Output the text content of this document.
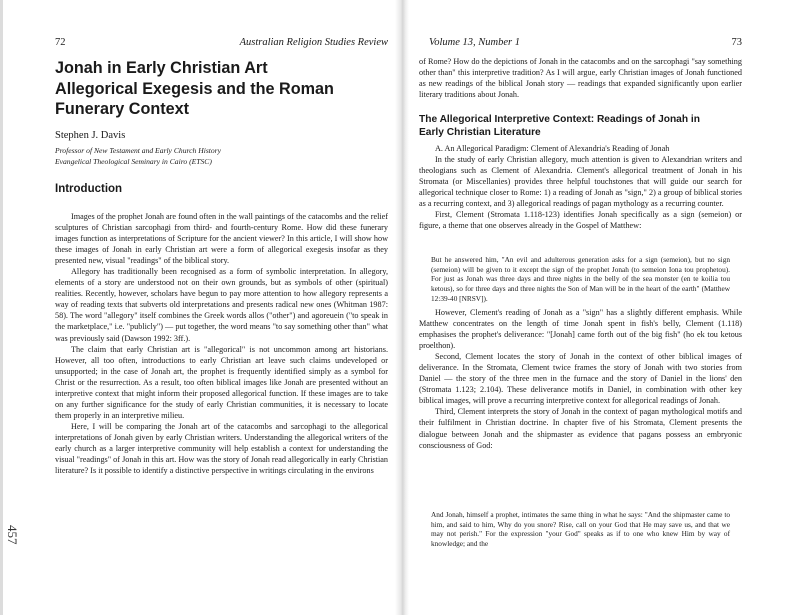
72	Australian Religion Studies Review
Jonah in Early Christian Art
Allegorical Exegesis and the Roman
Funerary Context
Stephen J. Davis
Professor of New Testament and Early Church History
Evangelical Theological Seminary in Cairo (ETSC)
Introduction

Images of the prophet Jonah are found often in the wall paintings of the catacombs and the relief sculptures of Christian sarcophagi from third- and fourth-century Rome. How did these funerary images function as interpretations of Scripture for the ancient viewer? In this article, I will show how these images of Jonah in early Christian art were a form of allegorical exegesis insofar as they presented new, visual "readings" of the biblical story.

Allegory has traditionally been recognised as a form of symbolic interpretation. In allegory, elements of a story are understood not on their own grounds, but as symbols of other (spiritual) realities. Recently, however, scholars have begun to pay more attention to how allegory represents a way of reading texts that subverts old interpretations and presents radical new ones (Whitman 1987: 58). The word "allegory" itself combines the Greek words allos ("other") and agoreuein ("to speak in the marketplace," i.e. "publicly") — put together, the word means "to say something other than" what was previously said (Dawson 1992: 3ff.).

The claim that early Christian art is "allegorical" is not uncommon among art historians. However, all too often, introductions to early Christian art leave such claims undeveloped or unsupported; in the case of Jonah art, the prophet is frequently identified simply as a symbol for Christ or the resurrection. As a result, too often biblical images like Jonah are presented without an interpretive context that might inform their proposed allegorical function. If these images are to take on any further significance for the study of early Christian communities, it is necessary to locate them properly in an interpretive milieu.

Here, I will be comparing the Jonah art of the catacombs and sarcophagi to the allegorical interpretations of Jonah given by early Christian writers. Understanding the allegorical writers of the early church as a larger interpretive community will help establish a context for understanding the visual "readings" of Jonah in this art. How was the story of Jonah read allegorically in early Christian literature? Is it possible to identify a distinctive perspective in writings circulating in the environs

457
Volume 13, Number 1	73

of Rome? How do the depictions of Jonah in the catacombs and on the sarcophagi "say something other than" this interpretive tradition? As I will argue, early Christian images of Jonah functioned as new readings of the biblical Jonah story — readings that expanded significantly upon earlier literary traditions about Jonah.

The Allegorical Interpretive Context: Readings of Jonah in
Early Christian Literature

A. An Allegorical Paradigm: Clement of Alexandria's Reading of Jonah

In the study of early Christian allegory, much attention is given to Alexandrian writers and theologians such as Clement of Alexandria. Clement's allegorical treatment of Jonah in his Stromata (or Miscellanies) provides three helpful touchstones that will guide our search for allegorical technique closer to Rome: 1) a reading of Jonah as "sign," 2) a group of biblical stories as a recurring context, and 3) allegorical readings of pagan mythology as a recurring counter.

First, Clement (Stromata 1.118-123) identifies Jonah specifically as a sign (semeion) or figure, a theme that one observes already in the Gospel of Matthew:

But he answered him, "An evil and adulterous generation asks for a sign (semeion), but no sign (semeion) will be given to it except the sign of the prophet Jonah (to semeion Iona tou prophetou). For just as Jonah was three days and three nights in the belly of the sea monster (en te koilia tou ketous), so for three days and three nights the Son of Man will be in the heart of the earth" (Matthew 12:39-40 [NRSV]).

However, Clement's reading of Jonah as a "sign" has a slightly different emphasis. While Matthew concentrates on the length of time Jonah spent in fish's belly, Clement (1.118) emphasises the prophet's deliverance: "[Jonah] came forth out of the big fish" (ho ek tou ketous proelthon).

Second, Clement locates the story of Jonah in the context of other biblical images of deliverance. In the Stromata, Clement twice frames the story of Jonah with two stories from Daniel — the story of the three men in the furnace and the story of Daniel in the lions' den (Stromata 1.123; 2.104). These deliverance motifs in Daniel, in combination with other key biblical images, will prove a recurring interpretive context for allegorical readings of Jonah.

Third, Clement interprets the story of Jonah in the context of pagan mythological motifs and their fulfilment in Christian doctrine. In chapter five of his Stromata, Clement presents the dialogue between Jonah and the shipmaster as evidence that pagans possess an embryonic consciousness of God:

And Jonah, himself a prophet, intimates the same thing in what he says: "And the shipmaster came to him, and said to him, Why do you snore? Rise, call on your God that He may save us, and that we may not perish." For the expression "your God" speaks as if to one who knew Him by way of knowledge; and the
